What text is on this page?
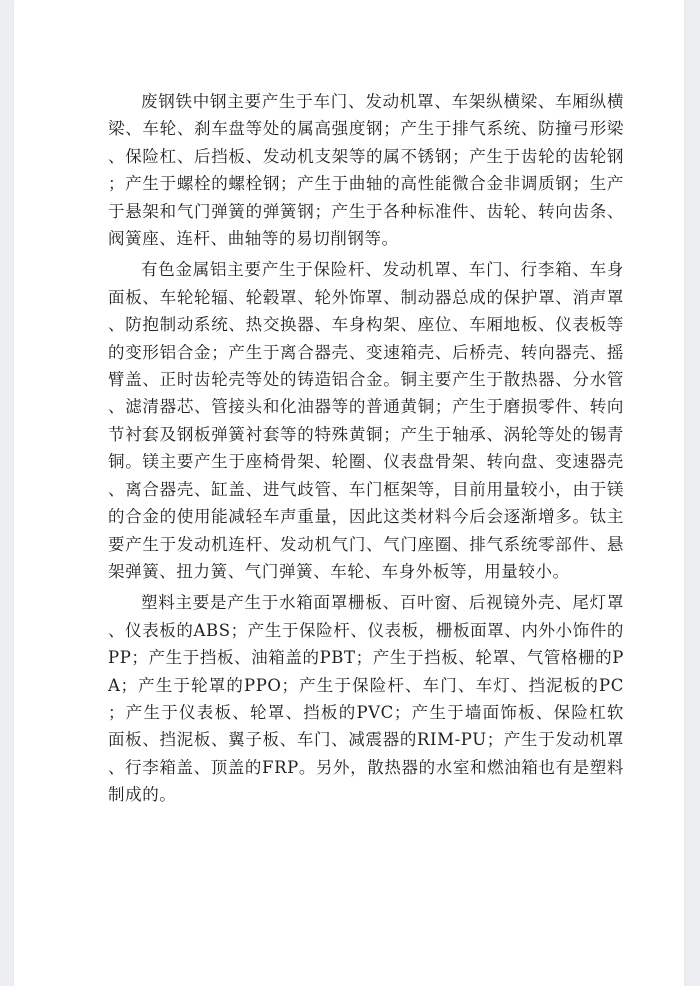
废钢铁中钢主要产生于车门、发动机罩、车架纵横梁、车厢纵横梁、车轮、刹车盘等处的属高强度钢；产生于排气系统、防撞弓形梁、保险杠、后挡板、发动机支架等的属不锈钢；产生于齿轮的齿轮钢；产生于螺栓的螺栓钢；产生于曲轴的高性能微合金非调质钢；生产于悬架和气门弹簧的弹簧钢；产生于各种标准件、齿轮、转向齿条、阀簧座、连杆、曲轴等的易切削钢等。

有色金属铝主要产生于保险杆、发动机罩、车门、行李箱、车身面板、车轮轮辐、轮毂罩、轮外饰罩、制动器总成的保护罩、消声罩、防抱制动系统、热交换器、车身构架、座位、车厢地板、仪表板等的变形铝合金；产生于离合器壳、变速箱壳、后桥壳、转向器壳、摇臂盖、正时齿轮壳等处的铸造铝合金。铜主要产生于散热器、分水管、滤清器芯、管接头和化油器等的普通黄铜；产生于磨损零件、转向节衬套及钢板弹簧衬套等的特殊黄铜；产生于轴承、涡轮等处的锡青铜。镁主要产生于座椅骨架、轮圈、仪表盘骨架、转向盘、变速器壳、离合器壳、缸盖、进气歧管、车门框架等，目前用量较小，由于镁的合金的使用能减轻车声重量，因此这类材料今后会逐渐增多。钛主要产生于发动机连杆、发动机气门、气门座圈、排气系统零部件、悬架弹簧、扭力簧、气门弹簧、车轮、车身外板等，用量较小。

塑料主要是产生于水箱面罩栅板、百叶窗、后视镜外壳、尾灯罩、仪表板的ABS；产生于保险杆、仪表板，栅板面罩、内外小饰件的PP；产生于挡板、油箱盖的PBT；产生于挡板、轮罩、气管格栅的PA；产生于轮罩的PPO；产生于保险杆、车门、车灯、挡泥板的PC；产生于仪表板、轮罩、挡板的PVC；产生于墙面饰板、保险杠软面板、挡泥板、翼子板、车门、减震器的RIM-PU；产生于发动机罩、行李箱盖、顶盖的FRP。另外，散热器的水室和燃油箱也有是塑料制成的。
